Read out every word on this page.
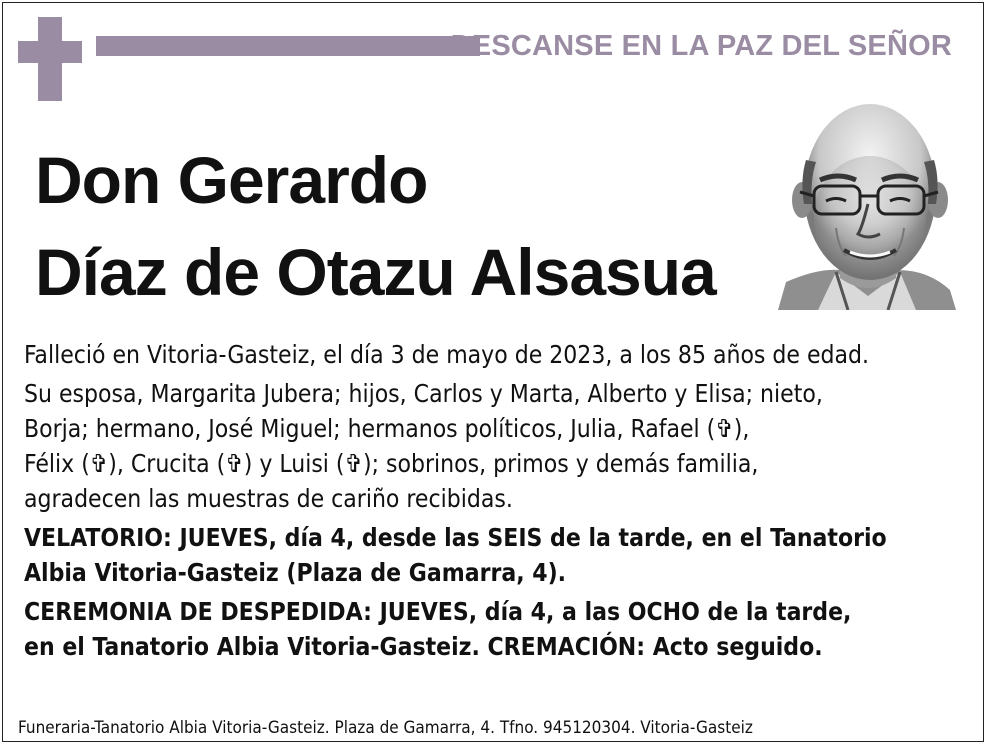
DESCANSE EN LA PAZ DEL SEÑOR
Don Gerardo
Díaz de Otazu Alsasua

Falleció en Vitoria-Gasteiz, el día 3 de mayo de 2023, a los 85 años de edad.

Su esposa, Margarita Jubera; hijos, Carlos y Marta, Alberto y Elisa; nieto,

Borja; hermano, José Miguel; hermanos políticos, Julia, Rafael (✞),

Félix (✞), Crucita (✞) y Luisi (✞); sobrinos, primos y demás familia,

agradecen las muestras de cariño recibidas.

VELATORIO: JUEVES, día 4, desde las SEIS de la tarde, en el Tanatorio

Albia Vitoria-Gasteiz (Plaza de Gamarra, 4).

CEREMONIA DE DESPEDIDA: JUEVES, día 4, a las OCHO de la tarde,

en el Tanatorio Albia Vitoria-Gasteiz. CREMACIÓN: Acto seguido.

Funeraria-Tanatorio Albia Vitoria-Gasteiz. Plaza de Gamarra, 4. Tfno. 945120304. Vitoria-Gasteiz
